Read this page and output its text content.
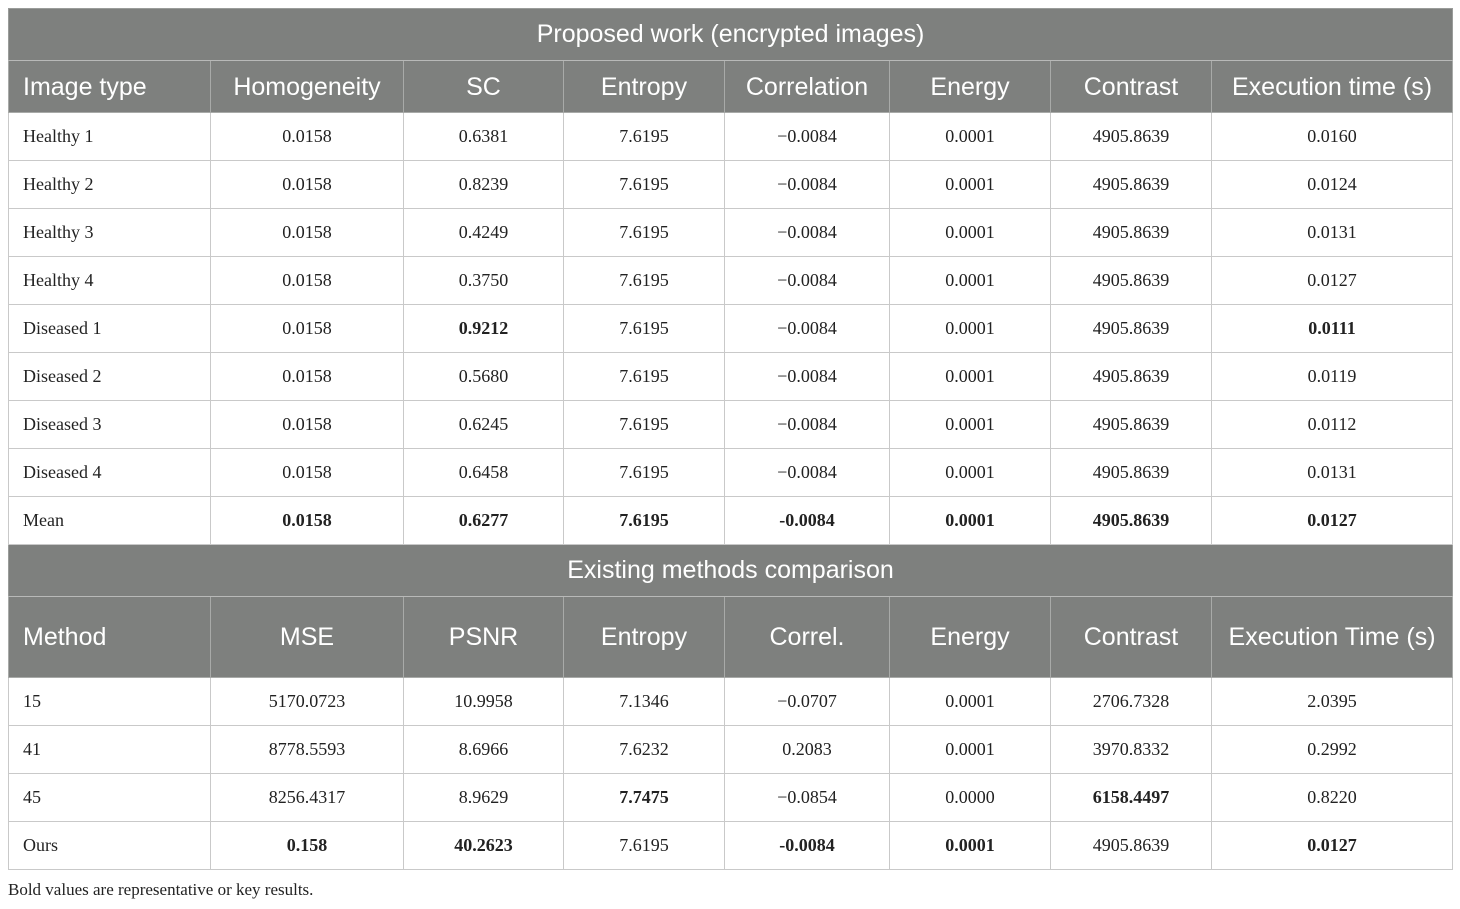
Proposed work (encrypted images)							
Image type	Homogeneity	SC	Entropy	Correlation	Energy	Contrast	Execution time (s)
Healthy 1	0.0158	0.6381	7.6195	−0.0084	0.0001	4905.8639	0.0160
Healthy 2	0.0158	0.8239	7.6195	−0.0084	0.0001	4905.8639	0.0124
Healthy 3	0.0158	0.4249	7.6195	−0.0084	0.0001	4905.8639	0.0131
Healthy 4	0.0158	0.3750	7.6195	−0.0084	0.0001	4905.8639	0.0127
Diseased 1	0.0158	0.9212	7.6195	−0.0084	0.0001	4905.8639	0.0111
Diseased 2	0.0158	0.5680	7.6195	−0.0084	0.0001	4905.8639	0.0119
Diseased 3	0.0158	0.6245	7.6195	−0.0084	0.0001	4905.8639	0.0112
Diseased 4	0.0158	0.6458	7.6195	−0.0084	0.0001	4905.8639	0.0131
Mean	0.0158	0.6277	7.6195	-0.0084	0.0001	4905.8639	0.0127
Existing methods comparison							
Method	MSE	PSNR	Entropy	Correl.	Energy	Contrast	Execution Time (s)
15	5170.0723	10.9958	7.1346	−0.0707	0.0001	2706.7328	2.0395
41	8778.5593	8.6966	7.6232	0.2083	0.0001	3970.8332	0.2992
45	8256.4317	8.9629	7.7475	−0.0854	0.0000	6158.4497	0.8220
Ours	0.158	40.2623	7.6195	-0.0084	0.0001	4905.8639	0.0127
Bold values are representative or key results.
